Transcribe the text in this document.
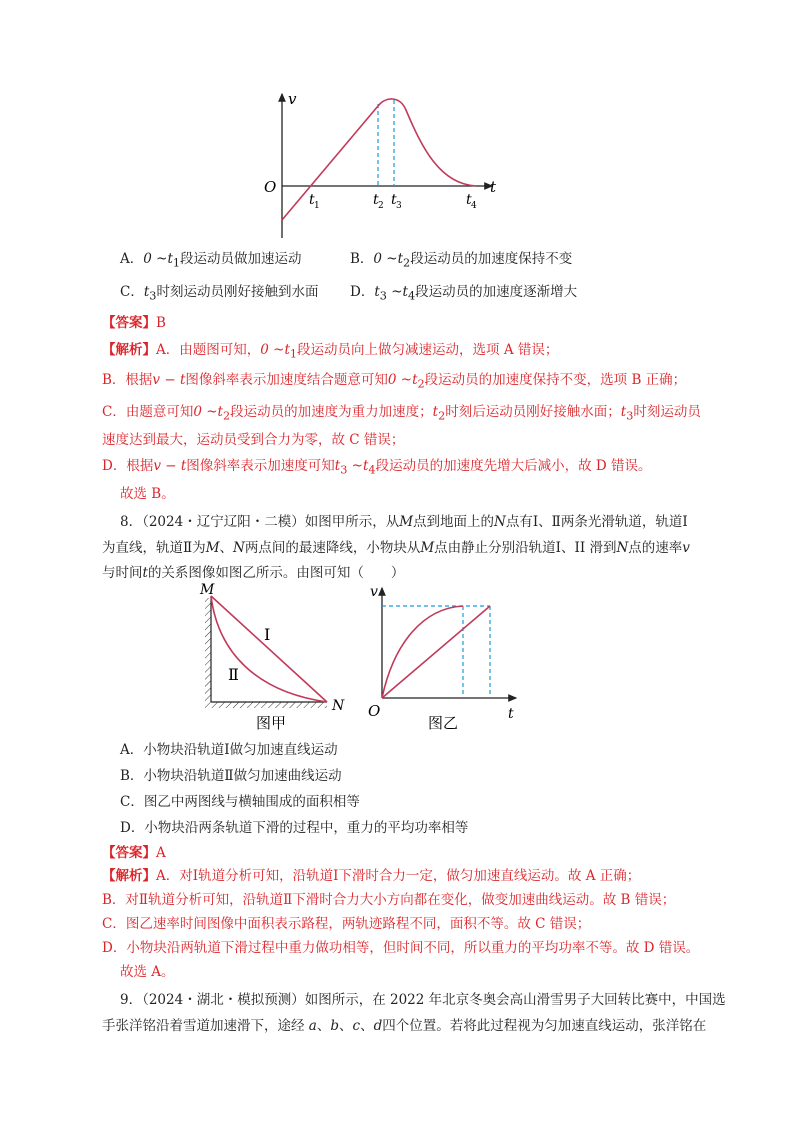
v
O	t
t 1	t 2 t 3	t 4
A．0 $\sim t_1$段运动员做加速运动	B．0 $\sim t_2$段运动员的加速度保持不变
C．$t_3$时刻运动员刚好接触到水面 D．$t_3$ $\sim t_4$段运动员的加速度逐渐增大
【答案】B
【解析】A．由题图可知，0 $\sim t_1$段运动员向上做匀减速运动，选项 A 错误；
B．根据v − t图像斜率表示加速度结合题意可知0 $\sim t_2$段运动员的加速度保持不变，选项 B 正确；
C．由题意可知0 $\sim t_2$段运动员的加速度为重力加速度；$t_2$时刻后运动员刚好接触水面；$t_3$时刻运动员
速度达到最大，运动员受到合力为零，故 C 错误；
D．根据v − t图像斜率表示加速度可知$t_3$ $\sim t_4$段运动员的加速度先增大后减小，故 D 错误。
故选 B。
8．（2024・辽宁辽阳・二模）如图甲所示，从M点到地面上的N点有Ⅰ、Ⅱ两条光滑轨道，轨道Ⅰ
为直线，轨道Ⅱ为M、N两点间的最速降线，小物块从M点由静止分别沿轨道Ⅰ、II 滑到N点的速率v
与时间t的关系图像如图乙所示。由图可知（　　）
M
N
Ⅰ
Ⅱ
图甲
v
O	t
图乙
A．小物块沿轨道Ⅰ做匀加速直线运动
B．小物块沿轨道Ⅱ做匀加速曲线运动
C．图乙中两图线与横轴围成的面积相等
D．小物块沿两条轨道下滑的过程中，重力的平均功率相等
【答案】A
【解析】A．对Ⅰ轨道分析可知，沿轨道Ⅰ下滑时合力一定，做匀加速直线运动。故 A 正确；
B．对Ⅱ轨道分析可知，沿轨道Ⅱ下滑时合力大小方向都在变化，做变加速曲线运动。故 B 错误；
C．图乙速率时间图像中面积表示路程，两轨迹路程不同，面积不等。故 C 错误；
D．小物块沿两轨道下滑过程中重力做功相等，但时间不同，所以重力的平均功率不等。故 D 错误。
故选 A。
9．（2024・湖北・模拟预测）如图所示，在 2022 年北京冬奥会高山滑雪男子大回转比赛中，中国选
手张洋铭沿着雪道加速滑下，途经 a、b、c、d四个位置。若将此过程视为匀加速直线运动，张洋铭在
